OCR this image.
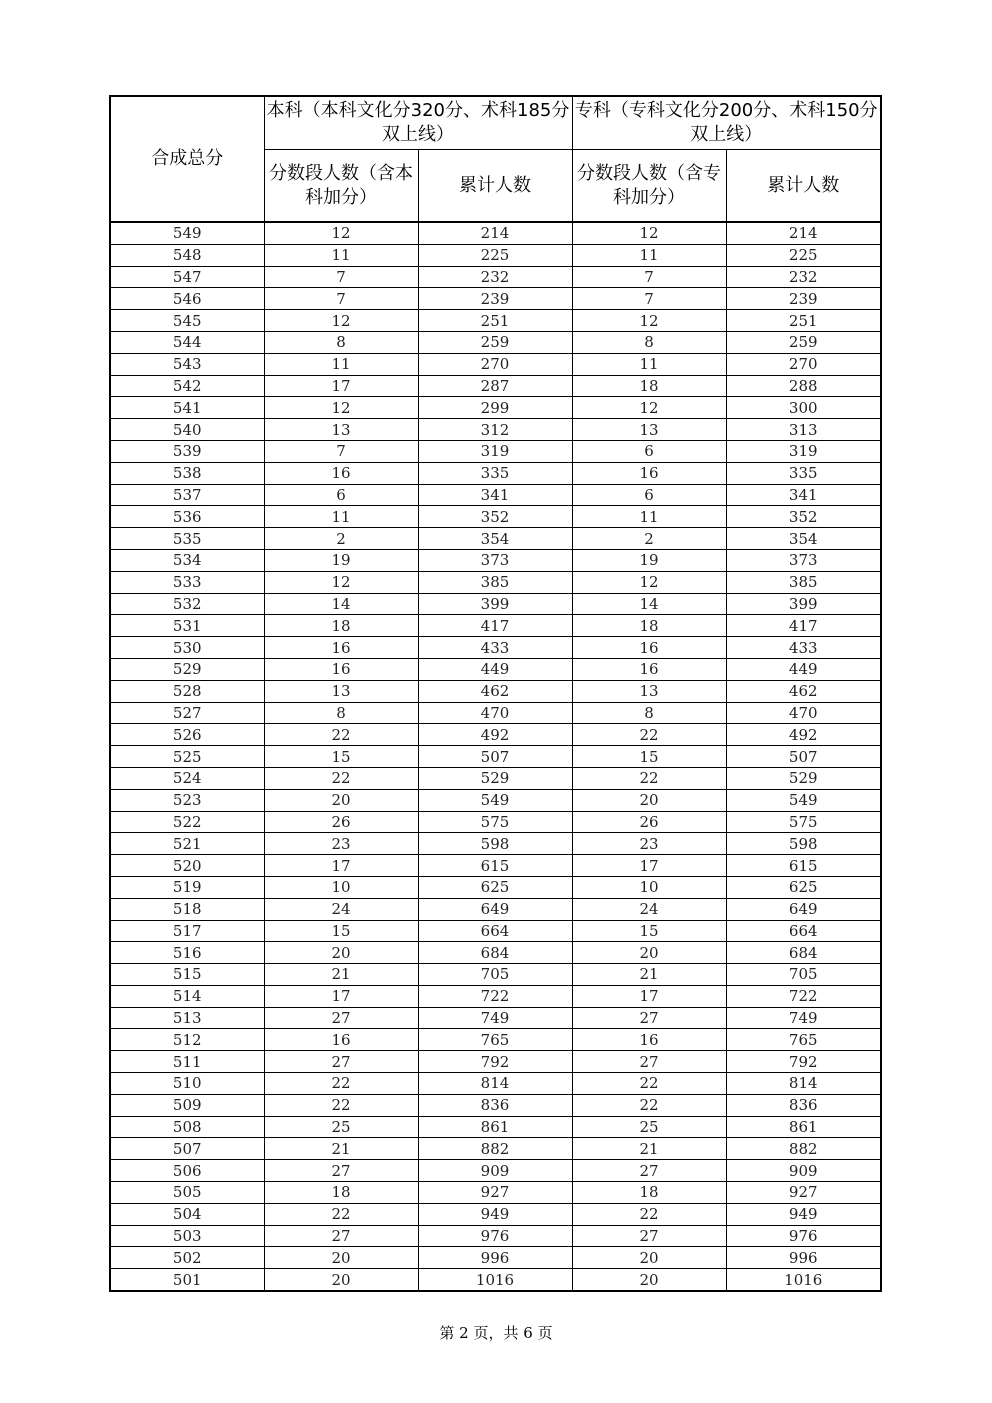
合成总分	本科（本科文化分320分、术科185分双上线）		专科（专科文化分200分、术科150分双上线）	
	分数段人数（含本科加分）	累计人数	分数段人数（含专科加分）	累计人数
549	12	214	12	214
548	11	225	11	225
547	7	232	7	232
546	7	239	7	239
545	12	251	12	251
544	8	259	8	259
543	11	270	11	270
542	17	287	18	288
541	12	299	12	300
540	13	312	13	313
539	7	319	6	319
538	16	335	16	335
537	6	341	6	341
536	11	352	11	352
535	2	354	2	354
534	19	373	19	373
533	12	385	12	385
532	14	399	14	399
531	18	417	18	417
530	16	433	16	433
529	16	449	16	449
528	13	462	13	462
527	8	470	8	470
526	22	492	22	492
525	15	507	15	507
524	22	529	22	529
523	20	549	20	549
522	26	575	26	575
521	23	598	23	598
520	17	615	17	615
519	10	625	10	625
518	24	649	24	649
517	15	664	15	664
516	20	684	20	684
515	21	705	21	705
514	17	722	17	722
513	27	749	27	749
512	16	765	16	765
511	27	792	27	792
510	22	814	22	814
509	22	836	22	836
508	25	861	25	861
507	21	882	21	882
506	27	909	27	909
505	18	927	18	927
504	22	949	22	949
503	27	976	27	976
502	20	996	20	996
501	20	1016	20	1016
第 2 页，共 6 页
